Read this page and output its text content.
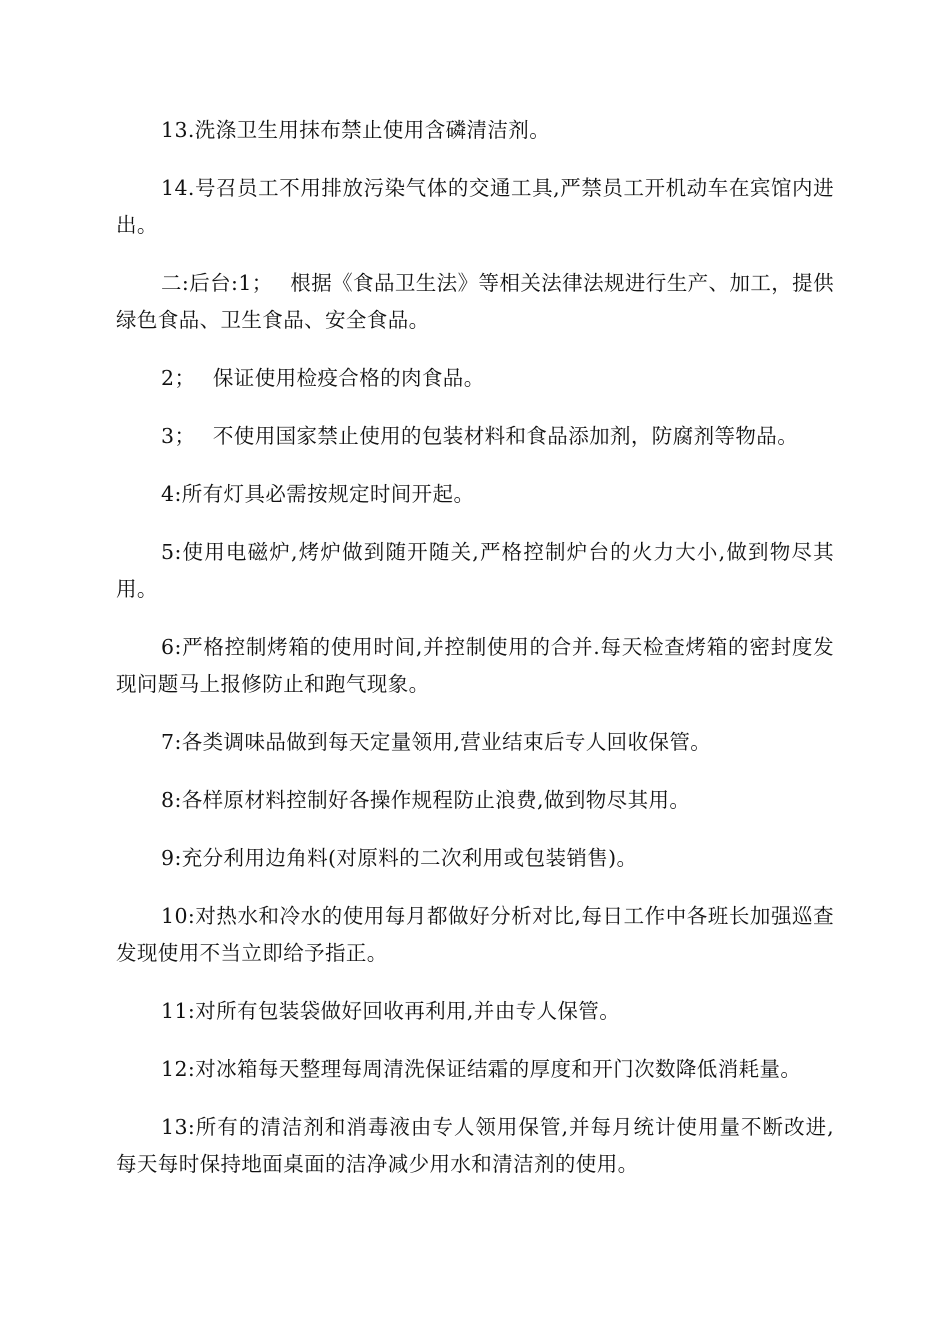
13.洗涤卫生用抹布禁止使用含磷清洁剂。

14.号召员工不用排放污染气体的交通工具,严禁员工开机动车在宾馆内进出。

二:后台:1；　 根据《食品卫生法》等相关法律法规进行生产、加工，提供绿色食品、卫生食品、安全食品。

2；　 保证使用检疫合格的肉食品。

3；　 不使用国家禁止使用的包装材料和食品添加剂，防腐剂等物品。

4:所有灯具必需按规定时间开起。

5:使用电磁炉,烤炉做到随开随关,严格控制炉台的火力大小,做到物尽其用。

6:严格控制烤箱的使用时间,并控制使用的合并.每天检查烤箱的密封度发现问题马上报修防止和跑气现象。

7:各类调味品做到每天定量领用,营业结束后专人回收保管。

8:各样原材料控制好各操作规程防止浪费,做到物尽其用。

9:充分利用边角料(对原料的二次利用或包装销售)。

10:对热水和冷水的使用每月都做好分析对比,每日工作中各班长加强巡查发现使用不当立即给予指正。

11:对所有包装袋做好回收再利用,并由专人保管。

12:对冰箱每天整理每周清洗保证结霜的厚度和开门次数降低消耗量。

13:所有的清洁剂和消毒液由专人领用保管,并每月统计使用量不断改进,每天每时保持地面桌面的洁净减少用水和清洁剂的使用。
